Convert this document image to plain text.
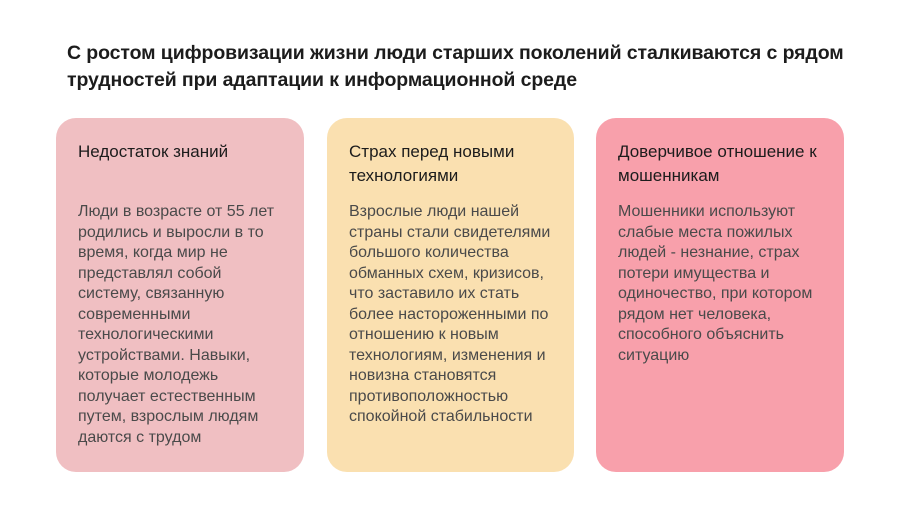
С ростом цифровизации жизни люди старших поколений сталкиваются с рядом трудностей при адаптации к информационной среде
Недостаток знаний

Люди в возрасте от 55 лет родились и выросли в то время, когда мир не представлял собой систему, связанную современными технологическими устройствами. Навыки, которые молодежь получает естественным путем, взрослым людям даются с трудом

Страх перед новыми технологиями

Взрослые люди нашей страны стали свидетелями большого количества обманных схем, кризисов, что заставило их стать более настороженными по отношению к новым технологиям, изменения и новизна становятся противоположностью спокойной стабильности

Доверчивое отношение к мошенникам

Мошенники используют слабые места пожилых людей - незнание, страх потери имущества и одиночество, при котором рядом нет человека, способного объяснить ситуацию
